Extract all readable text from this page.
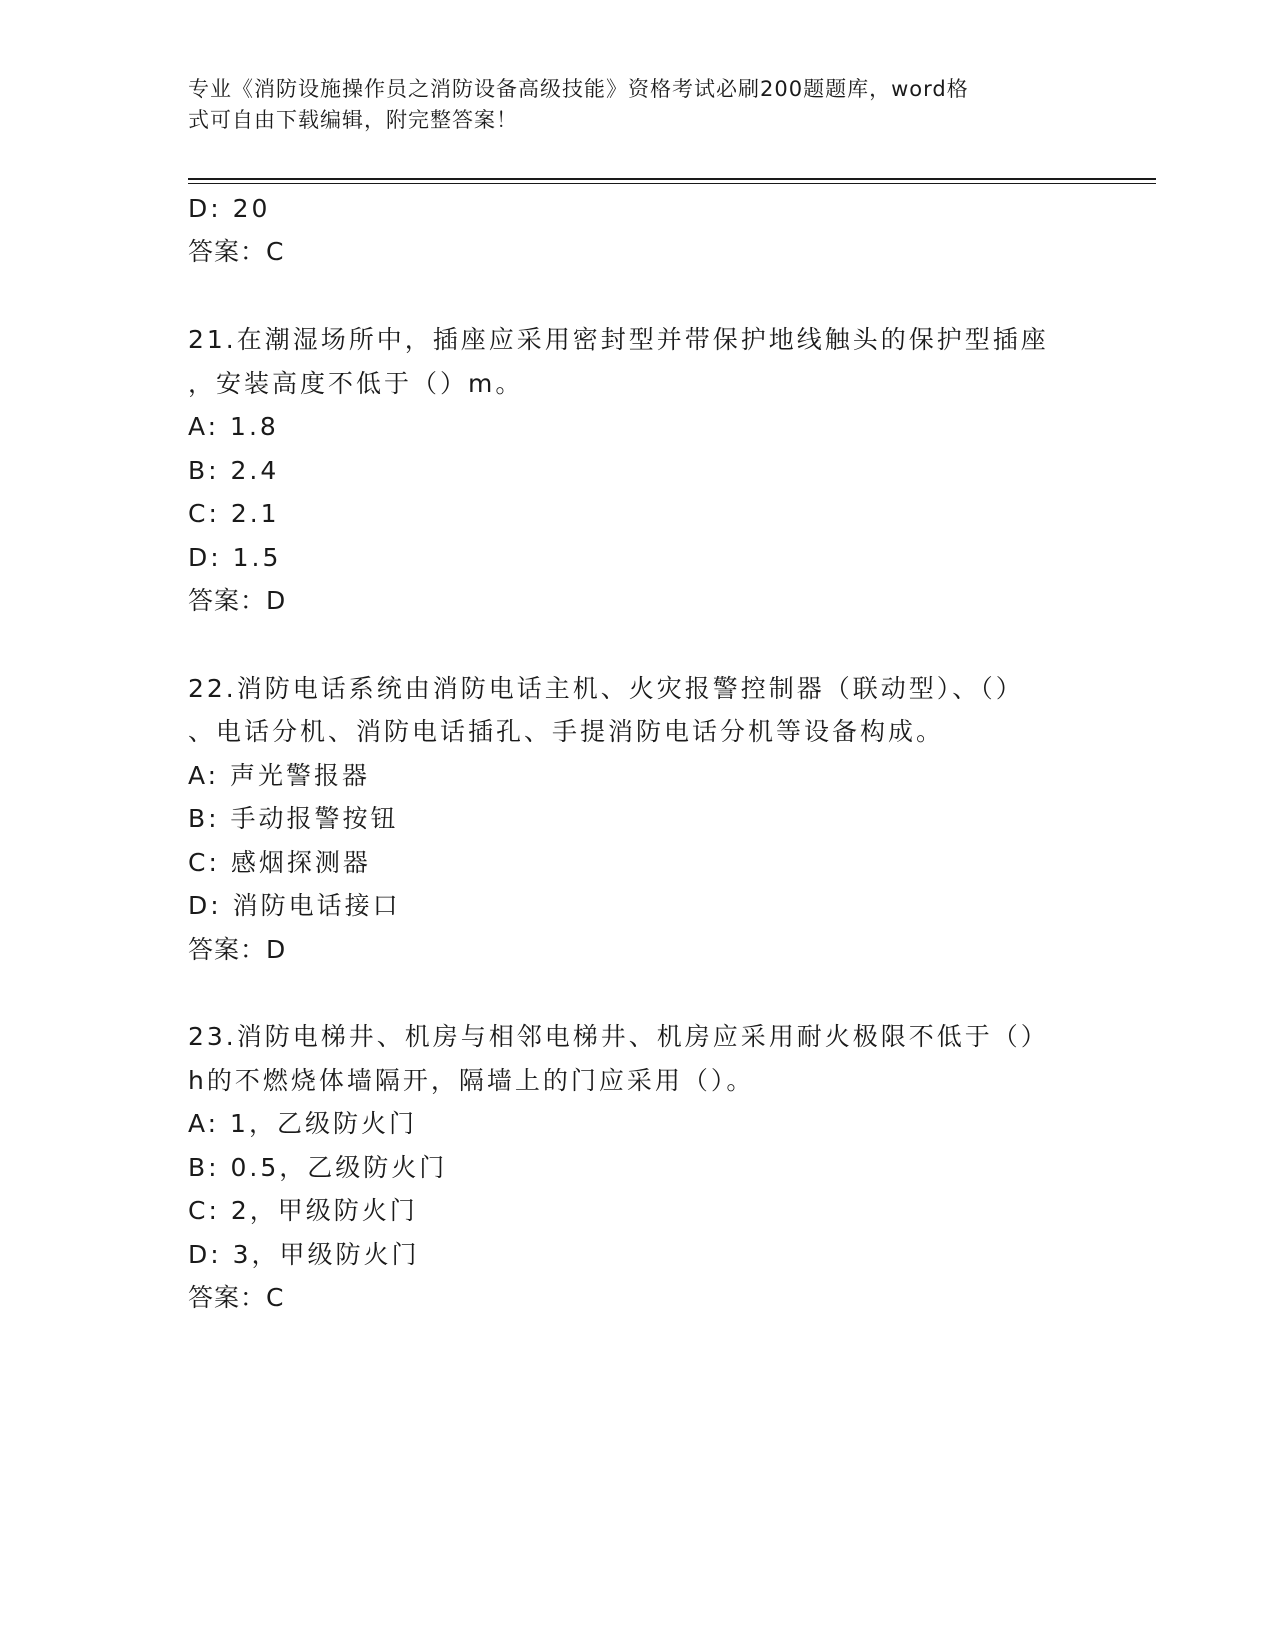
专业《消防设施操作员之消防设备高级技能》资格考试必刷200题题库，word格
式可自由下载编辑，附完整答案！
D: 20
答案：C
21.在潮湿场所中，插座应采用密封型并带保护地线触头的保护型插座
，安装高度不低于（）m。
A: 1.8
B: 2.4
C: 2.1
D: 1.5
答案：D
22.消防电话系统由消防电话主机、火灾报警控制器（联动型）、（）
、电话分机、消防电话插孔、手提消防电话分机等设备构成。
A: 声光警报器
B: 手动报警按钮
C: 感烟探测器
D: 消防电话接口
答案：D
23.消防电梯井、机房与相邻电梯井、机房应采用耐火极限不低于（）
h的不燃烧体墙隔开，隔墙上的门应采用（）。
A: 1，乙级防火门
B: 0.5，乙级防火门
C: 2，甲级防火门
D: 3，甲级防火门
答案：C
